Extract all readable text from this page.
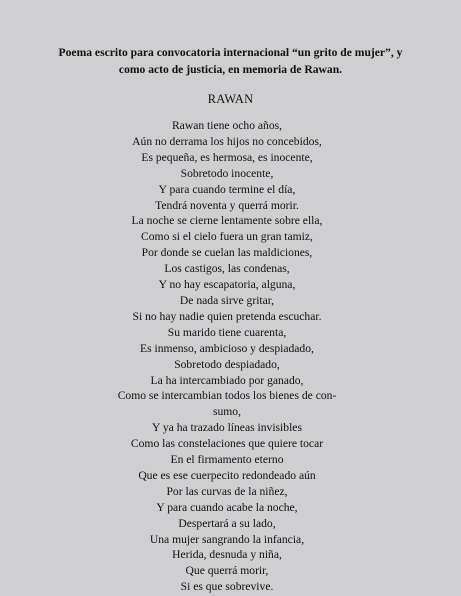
Poema escrito para convocatoria internacional “un grito de mujer”, y
como acto de justicia, en memoria de Rawan.
RAWAN
Rawan tiene ocho años,
Aún no derrama los hijos no concebidos,
Es pequeña, es hermosa, es inocente,
Sobretodo inocente,
Y para cuando termine el día,
Tendrá noventa y querrá morir.
La noche se cierne lentamente sobre ella,
Como si el cielo fuera un gran tamiz,
Por donde se cuelan las maldiciones,
Los castigos, las condenas,
Y no hay escapatoria, alguna,
De nada sirve gritar,
Si no hay nadie quien pretenda escuchar.
Su marido tiene cuarenta,
Es inmenso, ambicioso y despiadado,
Sobretodo despiadado,
La ha intercambiado por ganado,
Como se intercambian todos los bienes de con-
sumo,
Y ya ha trazado líneas invisibles
Como las constelaciones que quiere tocar
En el firmamento eterno
Que es ese cuerpecito redondeado aún
Por las curvas de la niñez,
Y para cuando acabe la noche,
Despertará a su lado,
Una mujer sangrando la infancia,
Herida, desnuda y niña,
Que querrá morir,
Si es que sobrevive.
